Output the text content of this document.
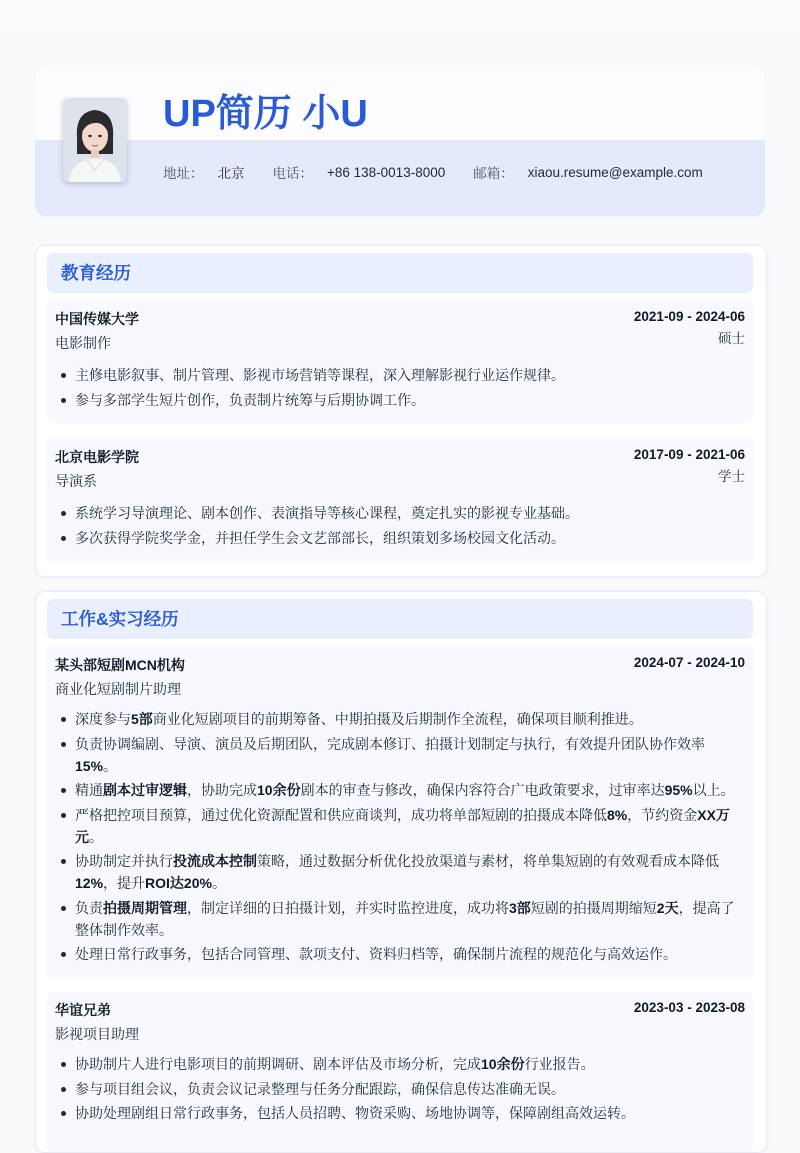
UP简历 小U
地址： 北京 电话： +86 138-0013-8000 邮箱： xiaou.resume@example.com
教育经历
中国传媒大学	2021-09 - 2024-06
电影制作	硕士
主修电影叙事、制片管理、影视市场营销等课程，深入理解影视行业运作规律。
参与多部学生短片创作，负责制片统筹与后期协调工作。
北京电影学院	2017-09 - 2021-06
导演系	学士
系统学习导演理论、剧本创作、表演指导等核心课程，奠定扎实的影视专业基础。
多次获得学院奖学金，并担任学生会文艺部部长，组织策划多场校园文化活动。
工作&实习经历
某头部短剧MCN机构	2024-07 - 2024-10
商业化短剧制片助理
深度参与5部商业化短剧项目的前期筹备、中期拍摄及后期制作全流程，确保项目顺利推进。
负责协调编剧、导演、演员及后期团队，完成剧本修订、拍摄计划制定与执行，有效提升团队协作效率15%。
精通剧本过审逻辑，协助完成10余份剧本的审查与修改，确保内容符合广电政策要求，过审率达95%以上。
严格把控项目预算，通过优化资源配置和供应商谈判，成功将单部短剧的拍摄成本降低8%，节约资金XX万元。
协助制定并执行投流成本控制策略，通过数据分析优化投放渠道与素材，将单集短剧的有效观看成本降低12%，提升ROI达20%。
负责拍摄周期管理，制定详细的日拍摄计划，并实时监控进度，成功将3部短剧的拍摄周期缩短2天，提高了整体制作效率。
处理日常行政事务，包括合同管理、款项支付、资料归档等，确保制片流程的规范化与高效运作。
华谊兄弟	2023-03 - 2023-08
影视项目助理
协助制片人进行电影项目的前期调研、剧本评估及市场分析，完成10余份行业报告。
参与项目组会议，负责会议记录整理与任务分配跟踪，确保信息传达准确无误。
协助处理剧组日常行政事务，包括人员招聘、物资采购、场地协调等，保障剧组高效运转。
